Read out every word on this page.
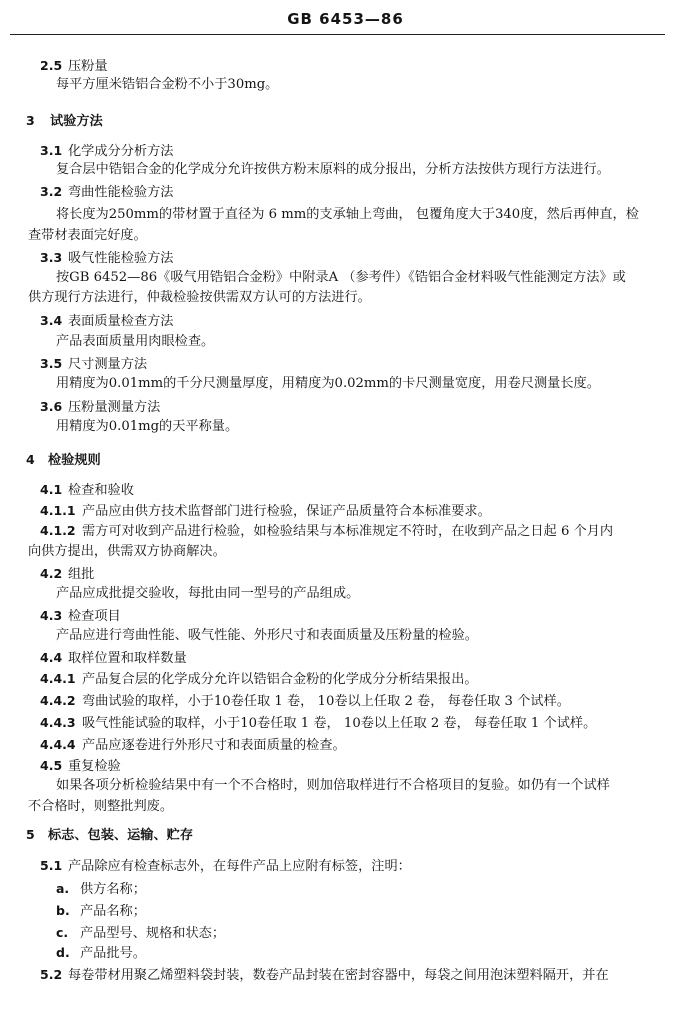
GB 6453—86
2.5 压粉量
每平方厘米锆铝合金粉不小于30mg。
3 试验方法
3.1 化学成分分析方法
复合层中锆铝合金的化学成分允许按供方粉末原料的成分报出，分析方法按供方现行方法进行。
3.2 弯曲性能检验方法
将长度为250mm的带材置于直径为 6 mm的支承轴上弯曲， 包覆角度大于340度，然后再伸直，检
查带材表面完好度。
3.3 吸气性能检验方法
按GB 6452—86《吸气用锆铝合金粉》中附录A （参考件）《锆铝合金材料吸气性能测定方法》或
供方现行方法进行，仲裁检验按供需双方认可的方法进行。
3.4 表面质量检查方法
产品表面质量用肉眼检查。
3.5 尺寸测量方法
用精度为0.01mm的千分尺测量厚度，用精度为0.02mm的卡尺测量宽度，用卷尺测量长度。
3.6 压粉量测量方法
用精度为0.01mg的天平称量。
4 检验规则
4.1 检查和验收
4.1.1 产品应由供方技术监督部门进行检验，保证产品质量符合本标准要求。
4.1.2 需方可对收到产品进行检验，如检验结果与本标准规定不符时，在收到产品之日起 6 个月内
向供方提出，供需双方协商解决。
4.2 组批
产品应成批提交验收，每批由同一型号的产品组成。
4.3 检查项目
产品应进行弯曲性能、吸气性能、外形尺寸和表面质量及压粉量的检验。
4.4 取样位置和取样数量
4.4.1 产品复合层的化学成分允许以锆铝合金粉的化学成分分析结果报出。
4.4.2 弯曲试验的取样，小于10卷任取 1 卷， 10卷以上任取 2 卷， 每卷任取 3 个试样。
4.4.3 吸气性能试验的取样，小于10卷任取 1 卷， 10卷以上任取 2 卷， 每卷任取 1 个试样。
4.4.4 产品应逐卷进行外形尺寸和表面质量的检查。
4.5 重复检验
如果各项分析检验结果中有一个不合格时，则加倍取样进行不合格项目的复验。如仍有一个试样
不合格时，则整批判废。
5 标志、包装、运输、贮存
5.1 产品除应有检查标志外，在每件产品上应附有标签，注明：
a. 供方名称；
b. 产品名称；
c. 产品型号、规格和状态；
d. 产品批号。
5.2 每卷带材用聚乙烯塑料袋封装，数卷产品封装在密封容器中，每袋之间用泡沫塑料隔开，并在
